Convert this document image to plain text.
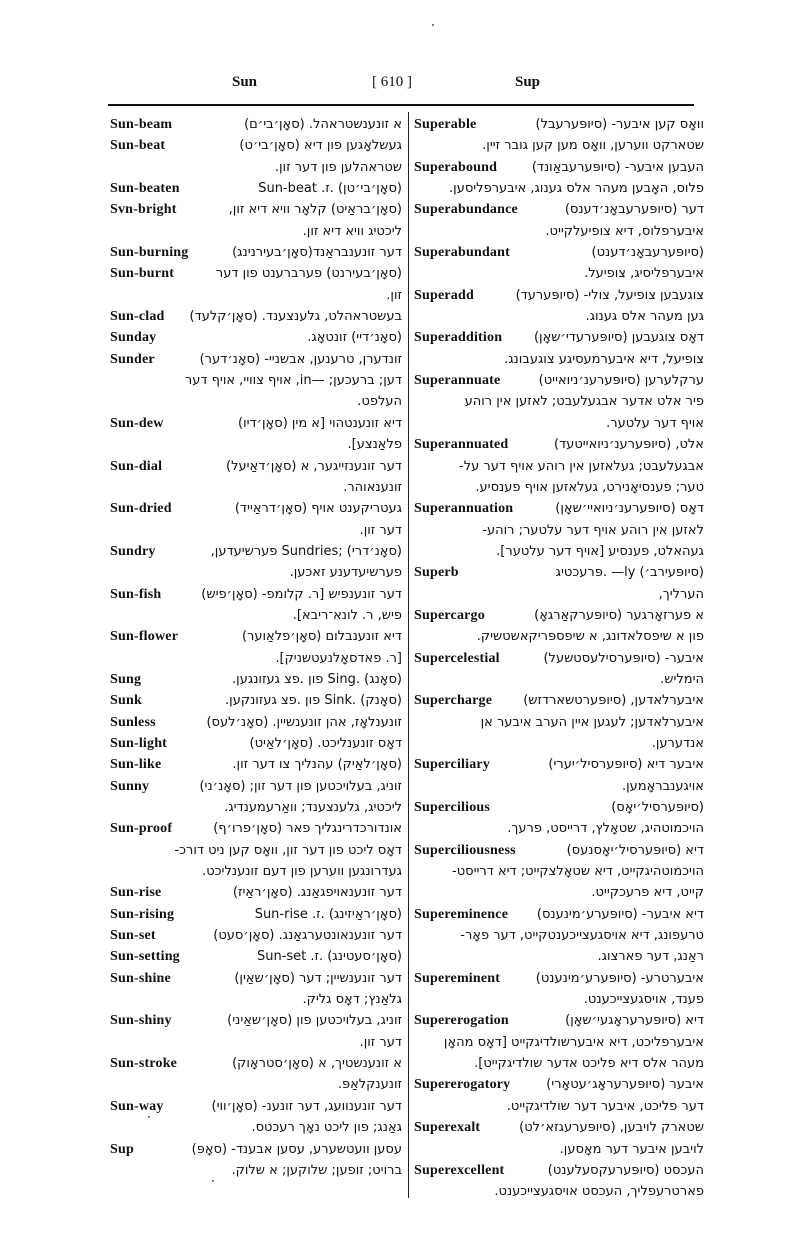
Sun	[ 610 ]	Sup
Sun-beam	א זונענשטראהל. (סאָן׳בי׳ם)
Sun-beat	געשלאָגען פון דיא (סאָן׳בי׳ט)
שטראהלען פון דער זון.
Sun-beaten	(סאָן׳בי׳טן) .ז. Sun-beat
Svn-bright	(סאָן׳בראַיט) קלאָר וויא דיא זון,
ליכטיג וויא דיא זון.
Sun-burning	דער זונענבראַנד(סאָן׳בעירנינג)
Sun-burnt	(סאָן׳בעירנט) פערברענט פון דער
זון.
Sun-clad	בעשטראהלט, גלענצענד. (סאָן׳קלעד)
Sunday	(סאָנ׳דיי) זונטאָג.
Sunder	זונדערן, טרענען, אבשניי- (סאָנ׳דער)
דען; ברעכען; —in, אויף צוויי, אויף דער
העלפט.
Sun-dew	דיא זונענטהוי [א מין (סאָן׳דיו)
פלאַנצע].
Sun-dial	דער זונענזייגער, א (סאָן׳דאַיעל)
זונענאוהר.
Sun-dried	געטריקענט אויף (סאָן׳דראַייד)
דער זון.
Sundry	(סאָנ׳דרי) ;Sundries פערשיעדען,
פערשיעדענע זאכען.
Sun-fish	דער זונענפיש [ר. קלומפ- (סאָן׳פיש)
פיש, ר. לונא־ריבא].
Sun-flower	דיא זונענבלום (סאָן׳פלאַוער)
[ר. פאדסאָלנעטשניק].
Sung	(סאָנג) .Sing פון .פצ געזונגען.
Sunk	(סאָנק) .Sink פון .פצ געזונקען.
Sunless	זונענלאָז, אהן זונענשיין. (סאָנ׳לעס)
Sun-light	דאָס זונענליכט. (סאָן׳לאַיט)
Sun-like	(סאָן׳לאַיק) עהנליך צו דער זון.
Sunny	זוניג, בעלויכטען פון דער זון; (סאָנ׳ני)
ליכטיג, גלענצענד; וואַרעמענדיג.
Sun-proof	אונדורכדרינגליך פאר (סאָן׳פרו׳ף)
דאָס ליכט פון דער זון, וואָס קען ניט דורכ-
געדרונגען ווערען פון דעם זונענליכט.
Sun-rise	דער זונענאויפגאַנג. (סאָן׳ראַיז)
Sun-rising	(סאָן׳ראַיזינג) .ז. Sun-rise
Sun-set	דער זונענאונטערגאַנג. (סאָן׳סעט)
Sun-setting	(סאָן׳סעטינג) .ז. Sun-set
Sun-shine	דער זונענשיין; דער (סאָן׳שאַין)
גלאַנץ; דאָס גליק.
Sun-shiny	זוניג, בעלויכטען פון (סאָן׳שאַיני)
דער זון.
Sun-stroke	א זונענשטיך, א (סאָן׳סטראָוק)
זונענקלאַפּ.
Sun-way	דער זונענוועג, דער זונענ- (סאָן׳ווי)
גאַנג; פון ליכט נאָך רעכטס.
Sup	עסען וועטשערע, עסען אבענד- (סאָפּ)
ברויט; זופען; שלוקען; א שלוק.
Superable	וואָס קען איבער- (סיופּערעבל)
שטארקט ווערען, וואָס מען קען גובר זיין.
Superabound	העבען איבער- (סיופּערעבאַונד)
פלוס, האָבען מעהר אלס גענוג, איבערפליסען.
Superabundance	דער (סיופּערעבאָנ׳דענס)
איבערפלוס, דיא צופיעלקייט.
Superabundant	(סיופּערעבאָנ׳דענט)
איבערפליסיג, צופיעל.
Superadd	צוגעבען צופיעל, צולי- (סיופּערעד)
גען מעהר אלס גענוג.
Superaddition	דאָס צוגעבען (סיופּערעדי׳שאָן)
צופיעל, דיא איבערמעסיגע צוגעבונג.
Superannuate	ערקלערען (סיופּערענ׳ניואייט)
פיר אלט אדער אבגעלעבט; לאזען אין רוהע
אויף דער עלטער.
Superannuated	אלט, (סיופּערענ׳ניואייטעד)
אבגעלעבט; געלאזען אין רוהע אויף דער על-
טער; פענסיאָנירט, געלאזען אויף פענסיע.
Superannuation	דאָס (סיופּערענ׳ניואיי׳שאָן)
לאזען אין רוהע אויף דער עלטער; רוהע-
געהאלט, פענסיע [אויף דער עלטער].
Superb	(סיופּעירב׳) ly— .פּרעכטיג
הערליך,
Supercargo	א פערזאָרגער (סיופּערקאַרגאָ)
פון א שיפסלאדונג, א שיפספּריקאשטשיק.
Supercelestial	איבער- (סיופּערסילעסטשעל)
הימליש.
Supercharge	איבערלאדען, (סיופּערטשארדזש)
איבערלאדען; לעגען איין הערב איבער אן
אנדערען.
Superciliary	איבער דיא (סיופּערסיל׳יערי)
אויגענבראָמען.
Supercilious	(סיופּערסיל׳יאָס)
הויכמוטהיג, שטאָלץ, דרייסט, פרעך.
Superciliousness	דיא (סיופּערסיל׳יאָסנעס)
הויכמוטהיגקייט, דיא שטאָלצקייט; דיא דרייסט-
קייט, דיא פרעכקייט.
Supereminence	דיא איבער- (סיופּערע׳מינענס)
טרעפונג, דיא אויסגעצייכענטקייט, דער פאָר-
ראַנג, דער פארצוג.
Supereminent	איבערטרע- (סיופּערע׳מינענט)
פענד, אויסגעצייכענט.
Supererogation	דיא (סיופּערעראָגעי׳שאָן)
איבערפליכט, דיא איבערשולדיגקייט [דאָס מהאָן
מעהר אלס דיא פליכט אדער שולדיגקייט].
Supererogatory	איבער (סיופּערעראָג׳עטאָרי)
דער פליכט, איבער דער שולדיגקייט.
Superexalt	שטארק לויבען, (סיופּערעגזא׳לט)
לויבען איבער דער מאָסען.
Superexcellent	העכסט (סיופּערעקסעלענט)
פארטרעפליך, העכסט אויסגעצייכענט.
